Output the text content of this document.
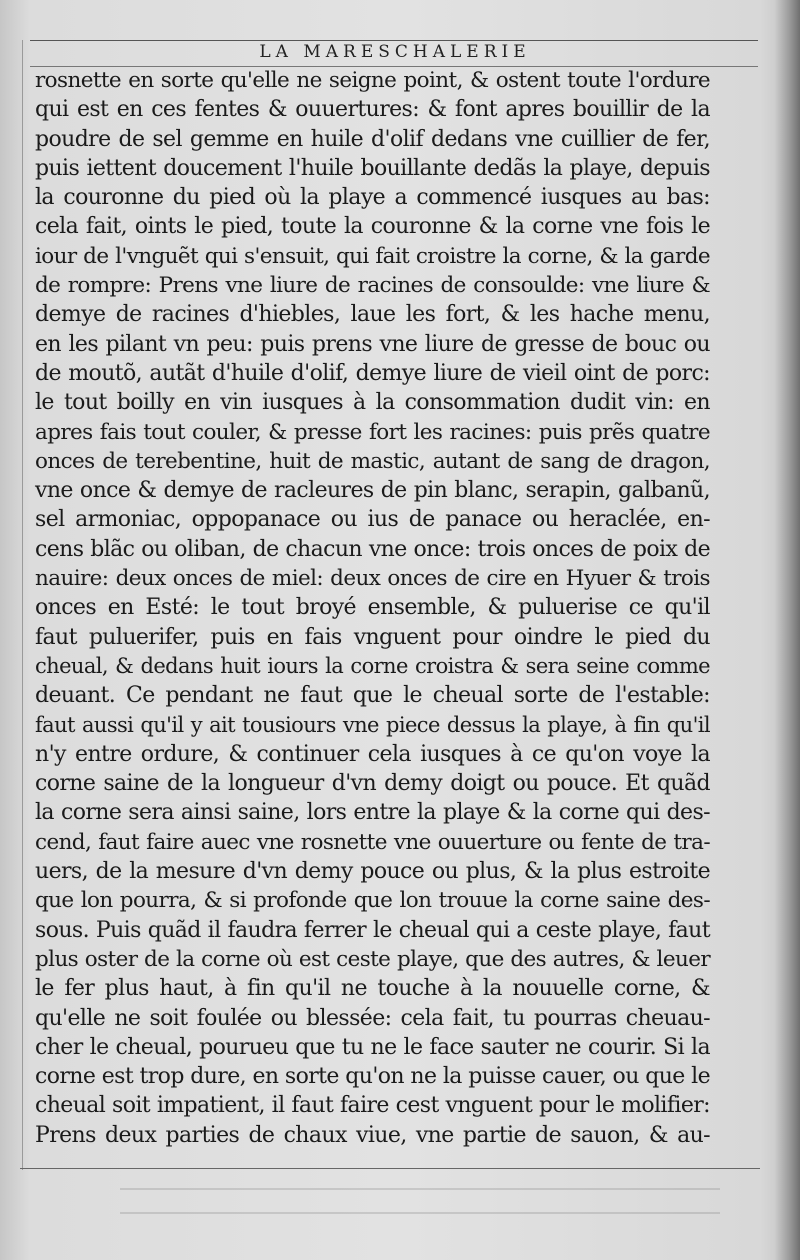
LA MARESCHALERIE
rosnette en sorte qu'elle ne seigne point, & ostent toute l'ordure
qui est en ces fentes & ouuertures: & font apres bouillir de la
poudre de sel gemme en huile d'olif dedans vne cuillier de fer,
puis iettent doucement l'huile bouillante dedãs la playe, depuis
la couronne du pied où la playe a commencé iusques au bas:
cela fait, oints le pied, toute la couronne & la corne vne fois le
iour de l'vnguẽt qui s'ensuit, qui fait croistre la corne, & la garde
de rompre: Prens vne liure de racines de consoulde: vne liure &
demye de racines d'hiebles, laue les fort, & les hache menu,
en les pilant vn peu: puis prens vne liure de gresse de bouc ou
de moutõ, autãt d'huile d'olif, demye liure de vieil oint de porc:
le tout boilly en vin iusques à la consommation dudit vin: en
apres fais tout couler, & presse fort les racines: puis prẽs quatre
onces de terebentine, huit de mastic, autant de sang de dragon,
vne once & demye de racleures de pin blanc, serapin, galbanũ,
sel armoniac, oppopanace ou ius de panace ou heraclée, en-
cens blãc ou oliban, de chacun vne once: trois onces de poix de
nauire: deux onces de miel: deux onces de cire en Hyuer & trois
onces en Esté: le tout broyé ensemble, & puluerise ce qu'il
faut puluerifer, puis en fais vnguent pour oindre le pied du
cheual, & dedans huit iours la corne croistra & sera seine comme
deuant. Ce pendant ne faut que le cheual sorte de l'estable:
faut aussi qu'il y ait tousiours vne piece dessus la playe, à fin qu'il
n'y entre ordure, & continuer cela iusques à ce qu'on voye la
corne saine de la longueur d'vn demy doigt ou pouce. Et quãd
la corne sera ainsi saine, lors entre la playe & la corne qui des-
cend, faut faire auec vne rosnette vne ouuerture ou fente de tra-
uers, de la mesure d'vn demy pouce ou plus, & la plus estroite
que lon pourra, & si profonde que lon trouue la corne saine des-
sous. Puis quãd il faudra ferrer le cheual qui a ceste playe, faut
plus oster de la corne où est ceste playe, que des autres, & leuer
le fer plus haut, à fin qu'il ne touche à la nouuelle corne, &
qu'elle ne soit foulée ou blessée: cela fait, tu pourras cheuau-
cher le cheual, pourueu que tu ne le face sauter ne courir. Si la
corne est trop dure, en sorte qu'on ne la puisse cauer, ou que le
cheual soit impatient, il faut faire cest vnguent pour le molifier:
Prens deux parties de chaux viue, vne partie de sauon, & au-
